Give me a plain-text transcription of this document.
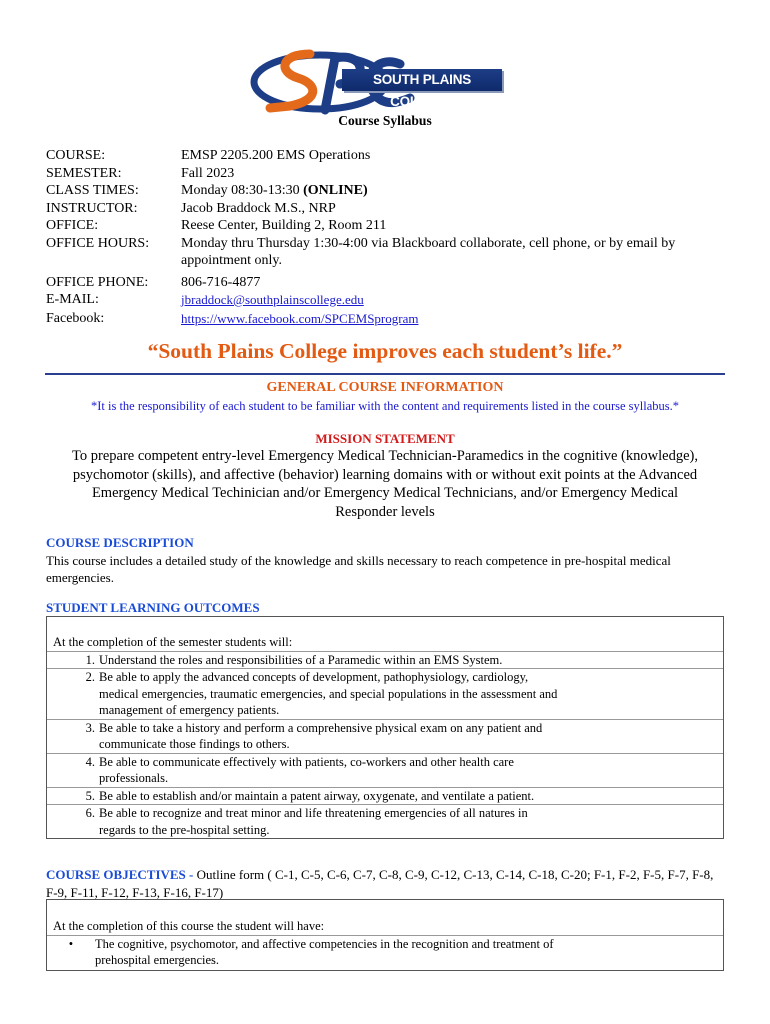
SOUTH PLAINS COLLEGE
Course Syllabus
COURSE:	EMSP 2205.200 EMS Operations
SEMESTER:	Fall 2023
CLASS TIMES:	Monday 08:30-13:30 (ONLINE)
INSTRUCTOR:	Jacob Braddock M.S., NRP
OFFICE:	Reese Center, Building 2, Room 211
OFFICE HOURS:	Monday thru Thursday 1:30-4:00 via Blackboard collaborate, cell phone, or by email by appointment only.
OFFICE PHONE:	806-716-4877
E-MAIL:	jbraddock@southplainscollege.edu
Facebook:	https://www.facebook.com/SPCEMSprogram
“South Plains College improves each student’s life.”
GENERAL COURSE INFORMATION
*It is the responsibility of each student to be familiar with the content and requirements listed in the course syllabus.*
MISSION STATEMENT
To prepare competent entry-level Emergency Medical Technician-Paramedics in the cognitive (knowledge),
psychomotor (skills), and affective (behavior) learning domains with or without exit points at the Advanced
Emergency Medical Techinician and/or Emergency Medical Technicians, and/or Emergency Medical
Responder levels
COURSE DESCRIPTION
This course includes a detailed study of the knowledge and skills necessary to reach competence in pre-hospital medical emergencies.
STUDENT LEARNING OUTCOMES
At the completion of the semester students will:
1. Understand the roles and responsibilities of a Paramedic within an EMS System.
2. Be able to apply the advanced concepts of development, pathophysiology, cardiology, medical emergencies, traumatic emergencies, and special populations in the assessment and management of emergency patients.
3. Be able to take a history and perform a comprehensive physical exam on any patient and communicate those findings to others.
4. Be able to communicate effectively with patients, co-workers and other health care professionals.
5. Be able to establish and/or maintain a patent airway, oxygenate, and ventilate a patient.
6. Be able to recognize and treat minor and life threatening emergencies of all natures in regards to the pre-hospital setting.
COURSE OBJECTIVES - Outline form ( C-1, C-5, C-6, C-7, C-8, C-9, C-12, C-13, C-14, C-18, C-20; F-1, F-2, F-5, F-7, F-8, F-9, F-11, F-12, F-13, F-16, F-17)
At the completion of this course the student will have:
•	The cognitive, psychomotor, and affective competencies in the recognition and treatment of prehospital emergencies.
